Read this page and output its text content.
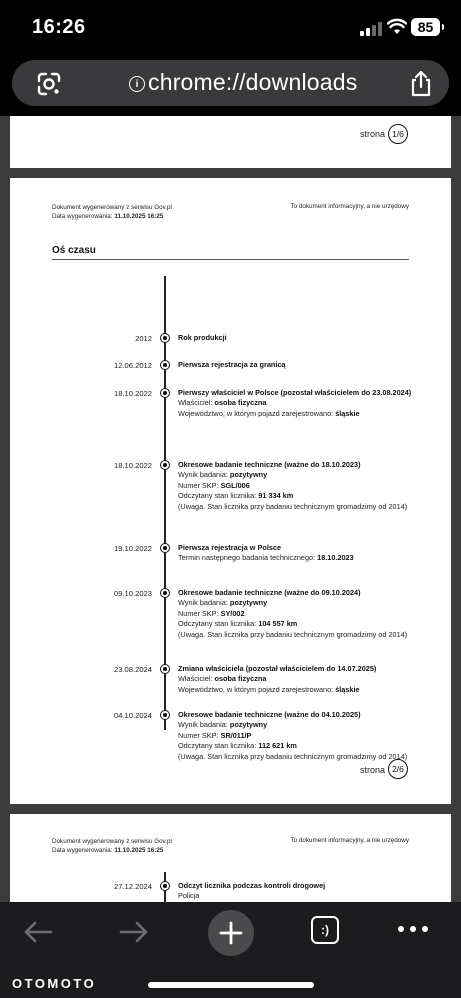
16:26	85
i chrome://downloads
strona 1/6
Dokument wygenerowany z serwisu Gov.pl
Data wygenerowania: 11.10.2025 16:25
To dokument informacyjny, a nie urzędowy
Oś czasu
2012	Rok produkcji
12.06.2012	Pierwsza rejestracja za granicą
18.10.2022	Pierwszy właściciel w Polsce (pozostał właścicielem do 23.08.2024)
Właściciel: osoba fizyczna
Województwo, w którym pojazd zarejestrowano: śląskie
18.10.2022	Okresowe badanie techniczne (ważne do 18.10.2023)
Wynik badania: pozytywny
Numer SKP: SGL/006
Odczytany stan licznika: 91 334 km
(Uwaga. Stan licznika przy badaniu technicznym gromadzimy od 2014)
19.10.2022	Pierwsza rejestracja w Polsce
Termin następnego badania technicznego: 18.10.2023
09.10.2023	Okresowe badanie techniczne (ważne do 09.10.2024)
Wynik badania: pozytywny
Numer SKP: SY/002
Odczytany stan licznika: 104 557 km
(Uwaga. Stan licznika przy badaniu technicznym gromadzimy od 2014)
23.08.2024	Zmiana właściciela (pozostał właścicielem do 14.07.2025)
Właściciel: osoba fizyczna
Województwo, w którym pojazd zarejestrowano: śląskie
04.10.2024	Okresowe badanie techniczne (ważne do 04.10.2025)
Wynik badania: pozytywny
Numer SKP: SR/011/P
Odczytany stan licznika: 112 621 km
(Uwaga. Stan licznika przy badaniu technicznym gromadzimy od 2014)
strona 2/6
Dokument wygenerowany z serwisu Gov.pl
Data wygenerowania: 11.10.2025 16:25
To dokument informacyjny, a nie urzędowy
27.12.2024	Odczyt licznika podczas kontroli drogowej
Policja
:)
OTOMOTO
